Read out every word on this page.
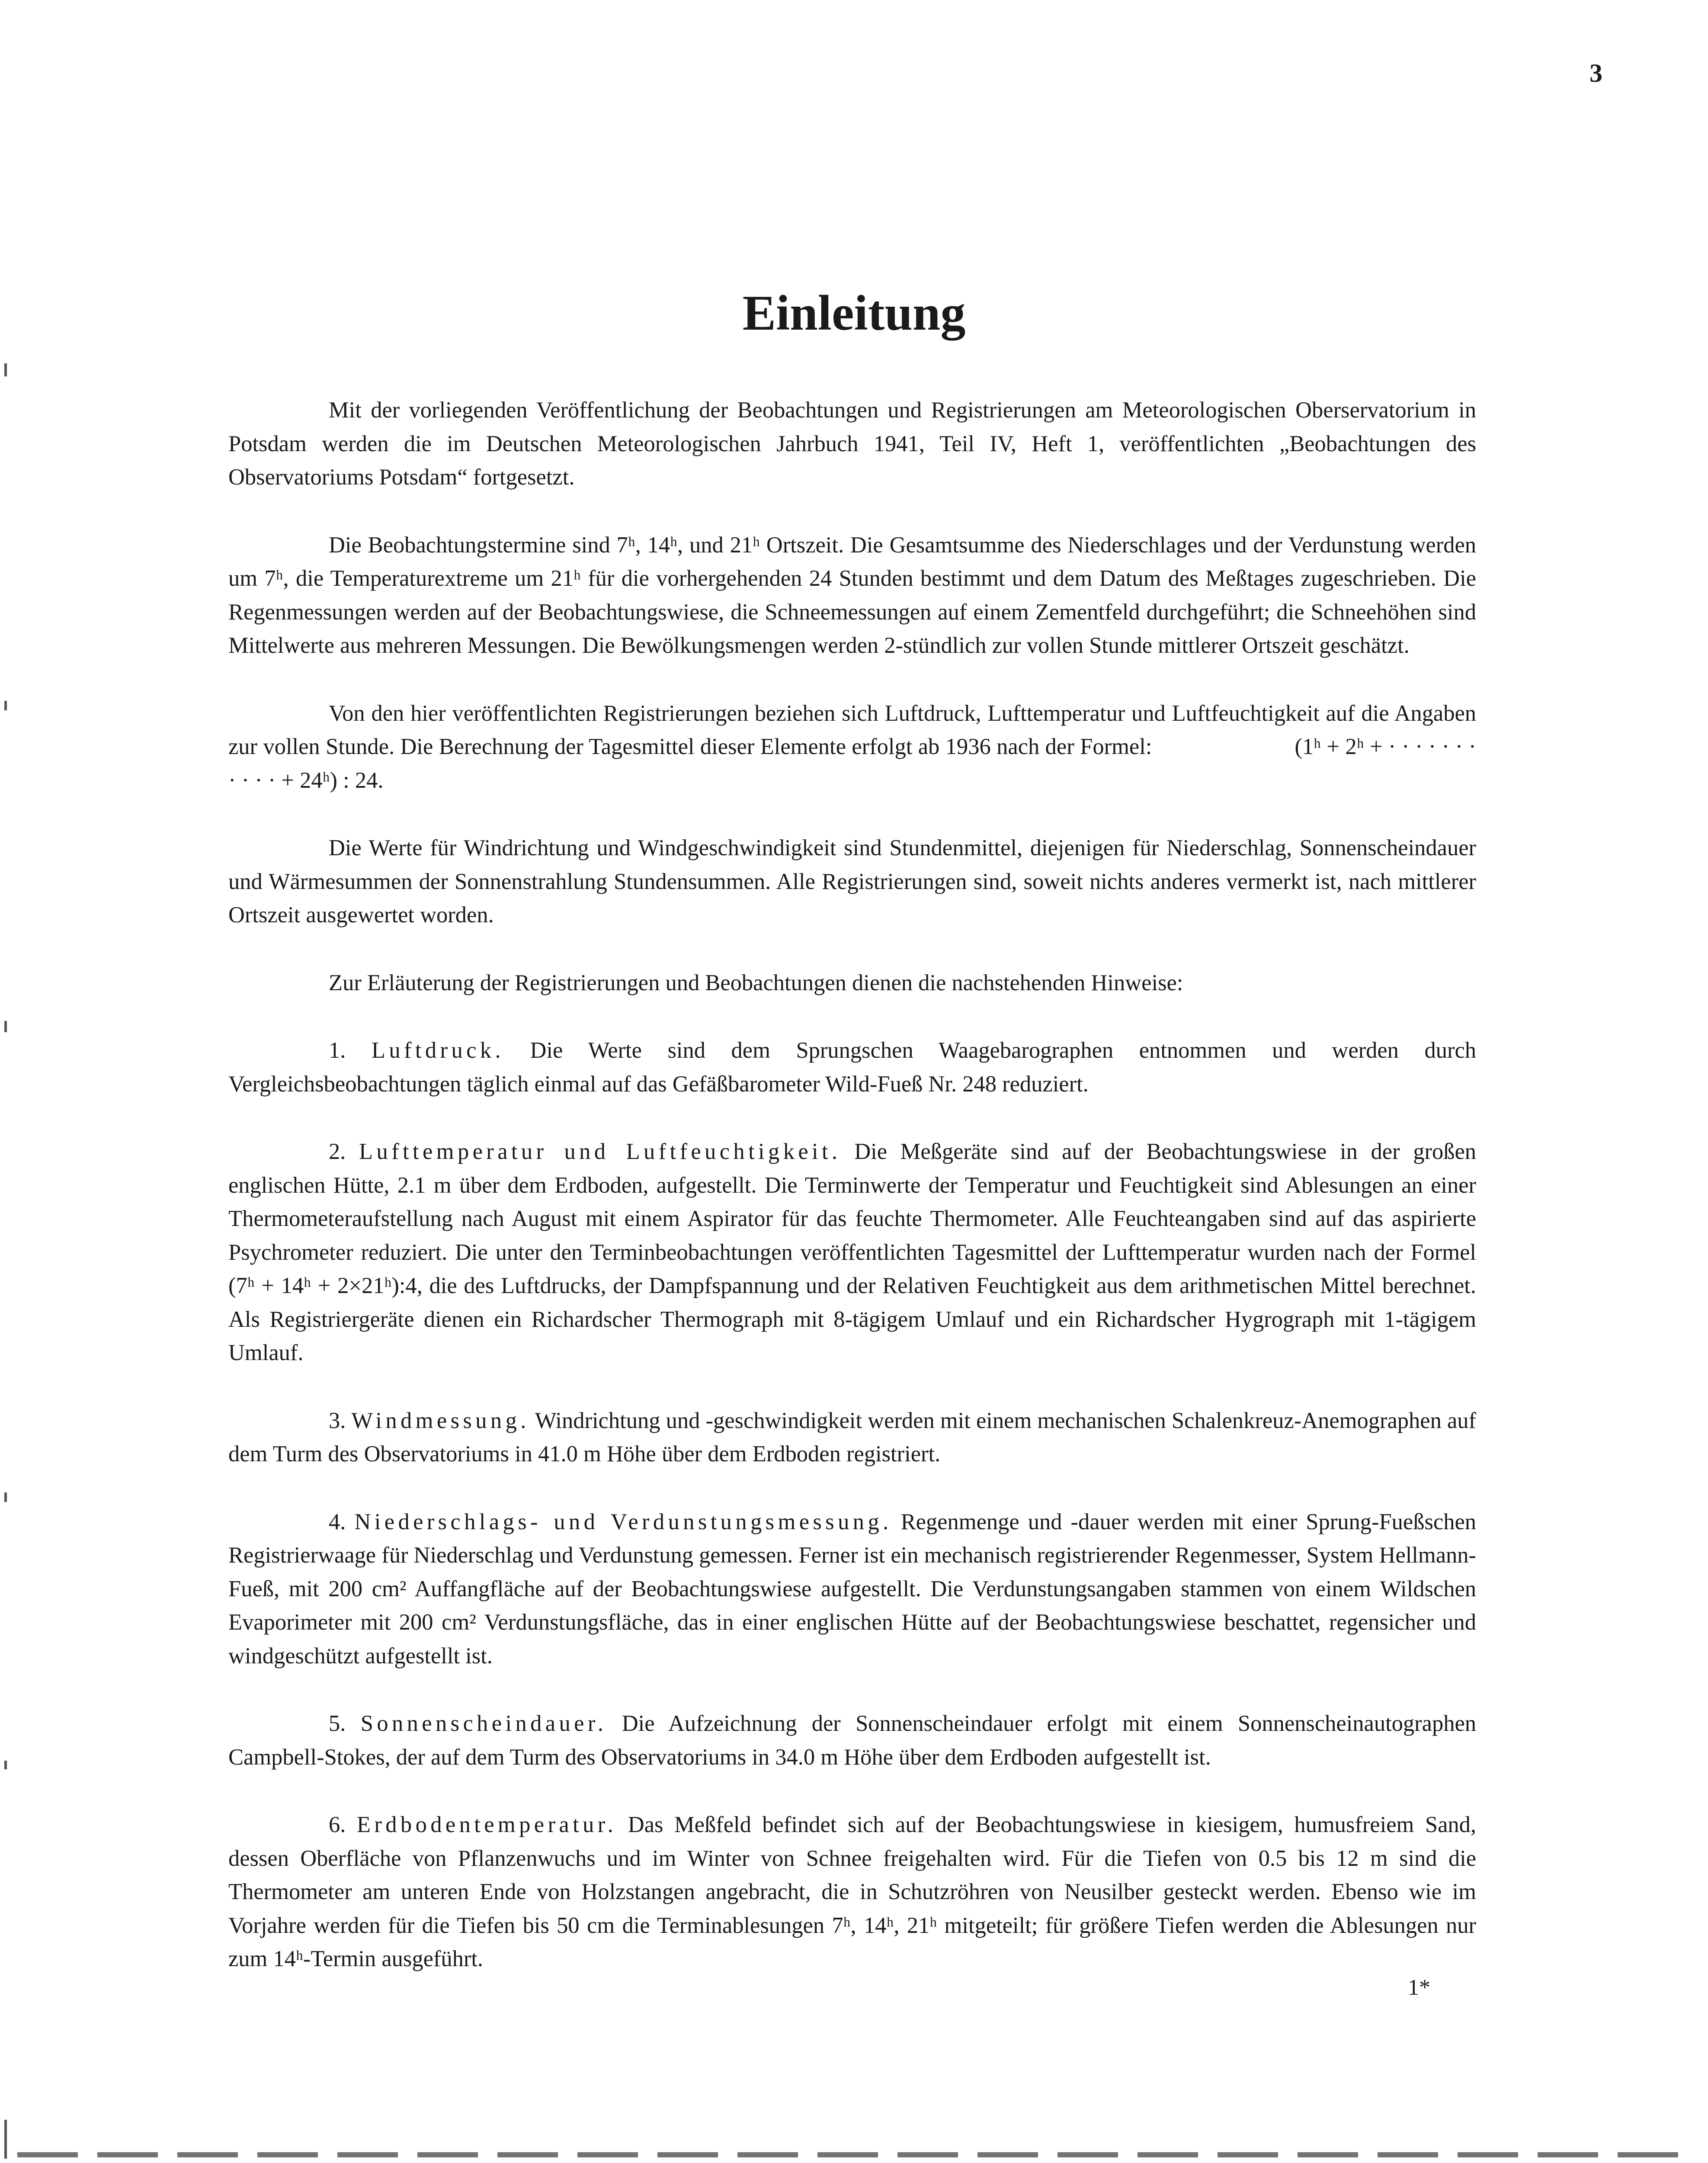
3
Einleitung

Mit der vorliegenden Veröffentlichung der Beobachtungen und Registrierungen am Meteorologischen Oberservatorium in Potsdam werden die im Deutschen Meteorologischen Jahrbuch 1941, Teil IV, Heft 1, veröffentlichten „Beobachtungen des Observatoriums Potsdam“ fortgesetzt.

Die Beobachtungstermine sind 7ʰ, 14ʰ, und 21ʰ Ortszeit. Die Gesamtsumme des Niederschlages und der Verdunstung werden um 7ʰ, die Temperaturextreme um 21ʰ für die vorhergehenden 24 Stunden bestimmt und dem Datum des Meßtages zugeschrieben. Die Regenmessungen werden auf der Beobachtungswiese, die Schneemessungen auf einem Zementfeld durchgeführt; die Schneehöhen sind Mittelwerte aus mehreren Messungen. Die Bewölkungsmengen werden 2-stündlich zur vollen Stunde mittlerer Ortszeit geschätzt.

Von den hier veröffentlichten Registrierungen beziehen sich Luftdruck, Lufttemperatur und Luftfeuchtigkeit auf die Angaben zur vollen Stunde. Die Berechnung der Tagesmittel dieser Elemente erfolgt ab 1936 nach der Formel:	(1ʰ + 2ʰ + · · · · · · · · · · · + 24ʰ) : 24.

Die Werte für Windrichtung und Windgeschwindigkeit sind Stundenmittel, diejenigen für Niederschlag, Sonnenscheindauer und Wärmesummen der Sonnenstrahlung Stundensummen. Alle Registrierungen sind, soweit nichts anderes vermerkt ist, nach mittlerer Ortszeit ausgewertet worden.

Zur Erläuterung der Registrierungen und Beobachtungen dienen die nachstehenden Hinweise:

1. Luftdruck. Die Werte sind dem Sprungschen Waagebarographen entnommen und werden durch Vergleichsbeobachtungen täglich einmal auf das Gefäßbarometer Wild-Fueß Nr. 248 reduziert.

2. Lufttemperatur und Luftfeuchtigkeit. Die Meßgeräte sind auf der Beobachtungswiese in der großen englischen Hütte, 2.1 m über dem Erdboden, aufgestellt. Die Terminwerte der Temperatur und Feuchtigkeit sind Ablesungen an einer Thermometeraufstellung nach August mit einem Aspirator für das feuchte Thermometer. Alle Feuchteangaben sind auf das aspirierte Psychrometer reduziert. Die unter den Terminbeobachtungen veröffentlichten Tagesmittel der Lufttemperatur wurden nach der Formel (7ʰ + 14ʰ + 2×21ʰ):4, die des Luftdrucks, der Dampfspannung und der Relativen Feuchtigkeit aus dem arithmetischen Mittel berechnet. Als Registriergeräte dienen ein Richardscher Thermograph mit 8-tägigem Umlauf und ein Richardscher Hygrograph mit 1-tägigem Umlauf.

3. Windmessung. Windrichtung und -geschwindigkeit werden mit einem mechanischen Schalenkreuz-Anemographen auf dem Turm des Observatoriums in 41.0 m Höhe über dem Erdboden registriert.

4. Niederschlags- und Verdunstungsmessung. Regenmenge und -dauer werden mit einer Sprung-Fueßschen Registrierwaage für Niederschlag und Verdunstung gemessen. Ferner ist ein mechanisch registrierender Regenmesser, System Hellmann-Fueß, mit 200 cm² Auffangfläche auf der Beobachtungswiese aufgestellt. Die Verdunstungsangaben stammen von einem Wildschen Evaporimeter mit 200 cm² Verdunstungsfläche, das in einer englischen Hütte auf der Beobachtungswiese beschattet, regensicher und windgeschützt aufgestellt ist.

5. Sonnenscheindauer. Die Aufzeichnung der Sonnenscheindauer erfolgt mit einem Sonnenscheinautographen Campbell-Stokes, der auf dem Turm des Observatoriums in 34.0 m Höhe über dem Erdboden aufgestellt ist.

6. Erdbodentemperatur. Das Meßfeld befindet sich auf der Beobachtungswiese in kiesigem, humusfreiem Sand, dessen Oberfläche von Pflanzenwuchs und im Winter von Schnee freigehalten wird. Für die Tiefen von 0.5 bis 12 m sind die Thermometer am unteren Ende von Holzstangen angebracht, die in Schutzröhren von Neusilber gesteckt werden. Ebenso wie im Vorjahre werden für die Tiefen bis 50 cm die Terminablesungen 7ʰ, 14ʰ, 21ʰ mitgeteilt; für größere Tiefen werden die Ablesungen nur zum 14ʰ-Termin ausgeführt.

1*
